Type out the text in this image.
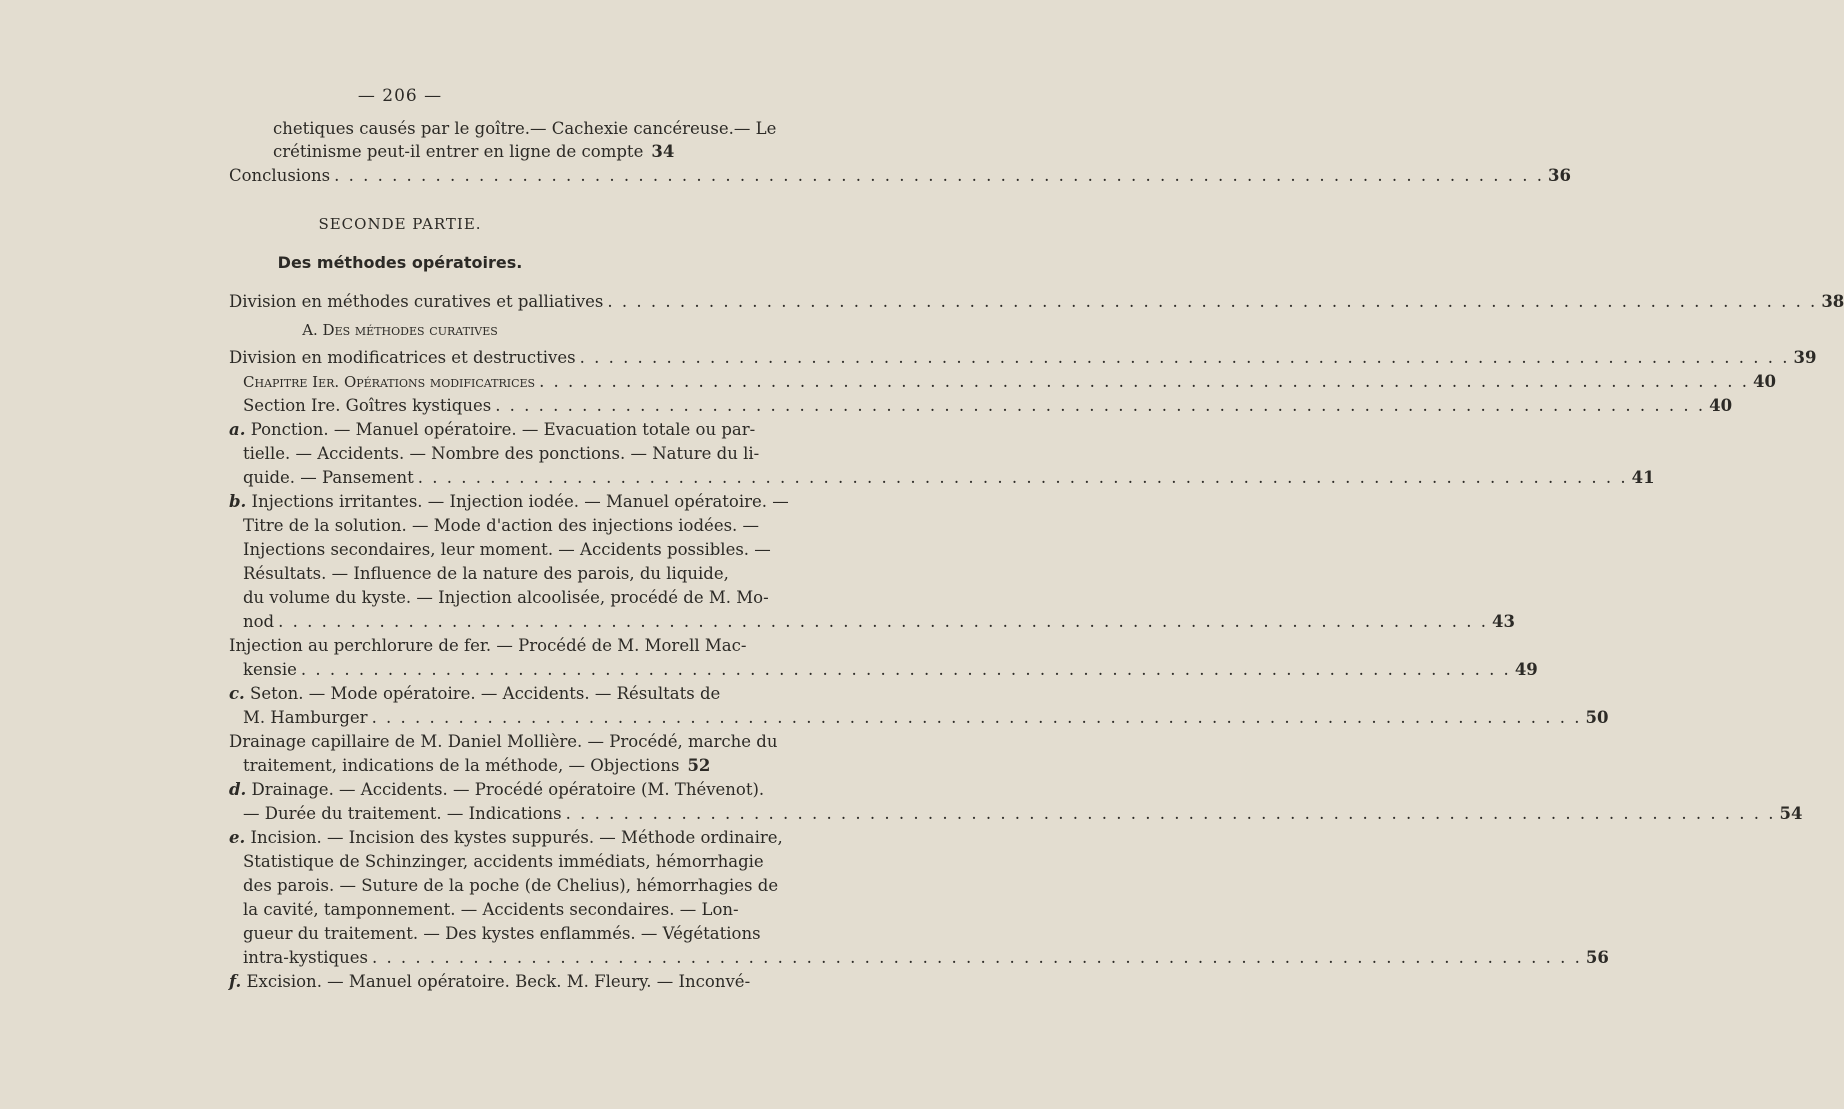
— 206 —
chetiques causés par le goître.— Cachexie cancéreuse.— Le
crétinisme peut-il entrer en ligne de compte 34
Conclusions . . .	36
SECONDE PARTIE.
Des méthodes opératoires.
Division en méthodes curatives et palliatives . . .	38
A. Des méthodes curatives
Division en modificatrices et destructives . . .	39
Chapitre Ier. Opérations modificatrices . . .	40
Section Ire. Goîtres kystiques . . .	40
a. Ponction. — Manuel opératoire. — Evacuation totale ou par-
tielle. — Accidents. — Nombre des ponctions. — Nature du li-
quide. — Pansement . . .	41
b. Injections irritantes. — Injection iodée. — Manuel opératoire. —
Titre de la solution. — Mode d'action des injections iodées. —
Injections secondaires, leur moment. — Accidents possibles. —
Résultats. — Influence de la nature des parois, du liquide,
du volume du kyste. — Injection alcoolisée, procédé de M. Mo-
nod . . .	43
Injection au perchlorure de fer. — Procédé de M. Morell Mac-
kensie . . .	49
c. Seton. — Mode opératoire. — Accidents. — Résultats de
M. Hamburger . . .	50
Drainage capillaire de M. Daniel Mollière. — Procédé, marche du
traitement, indications de la méthode, — Objections 52
d. Drainage. — Accidents. — Procédé opératoire (M. Thévenot).
— Durée du traitement. — Indications . . .	54
e. Incision. — Incision des kystes suppurés. — Méthode ordinaire,
Statistique de Schinzinger, accidents immédiats, hémorrhagie
des parois. — Suture de la poche (de Chelius), hémorrhagies de
la cavité, tamponnement. — Accidents secondaires. — Lon-
gueur du traitement. — Des kystes enflammés. — Végétations
intra-kystiques . . .	56
f. Excision. — Manuel opératoire. Beck. M. Fleury. — Inconvé-
